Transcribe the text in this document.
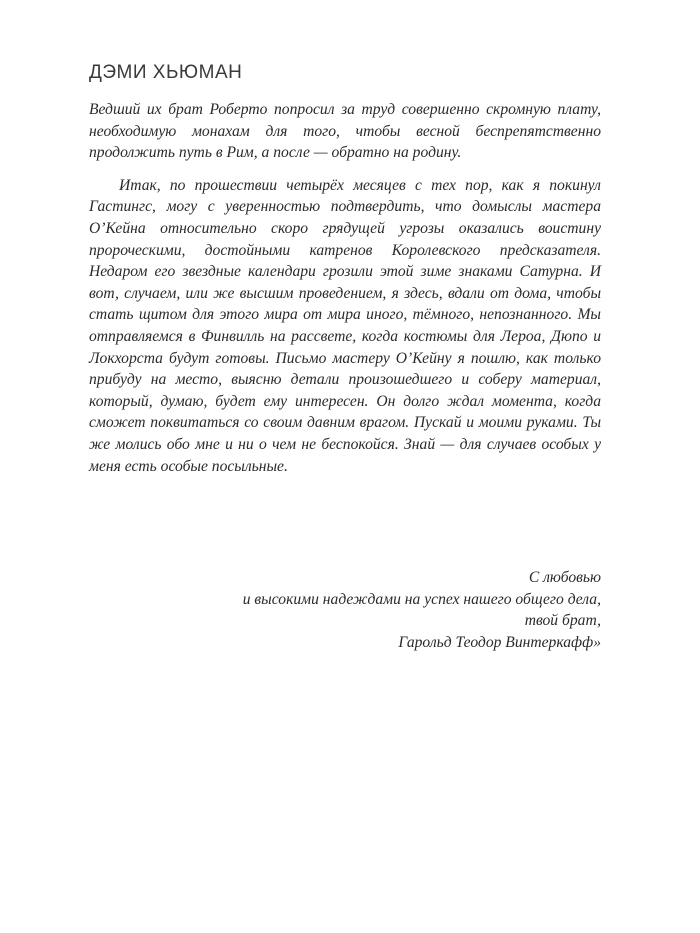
ДЭМИ ХЬЮМАН

Ведший их брат Роберто попросил за труд совершенно скромную плату, необходимую монахам для того, чтобы весной беспрепятственно продолжить путь в Рим, а после — обратно на родину.

Итак, по прошествии четырёх месяцев с тех пор, как я покинул Гастингс, могу с уверенностью подтвердить, что домыслы мастера О’Кейна относительно скоро грядущей угрозы оказались воистину пророческими, достойными катренов Королевского предсказателя. Недаром его звездные календари грозили этой зиме знаками Сатурна. И вот, случаем, или же высшим проведением, я здесь, вдали от дома, чтобы стать щитом для этого мира от мира иного, тёмного, непознанного. Мы отправляемся в Финвилль на рассвете, когда костюмы для Лероа, Дюпо и Локхорста будут готовы. Письмо мастеру О’Кейну я пошлю, как только прибуду на место, выясню детали произошедшего и соберу материал, который, думаю, будет ему интересен. Он долго ждал момента, когда сможет поквитаться со своим давним врагом. Пускай и моими руками. Ты же молись обо мне и ни о чем не беспокойся. Знай — для случаев особых у меня есть особые посыльные.

С любовью
и высокими надеждами на успех нашего общего дела,
твой брат,
Гарольд Теодор Винтеркафф»
